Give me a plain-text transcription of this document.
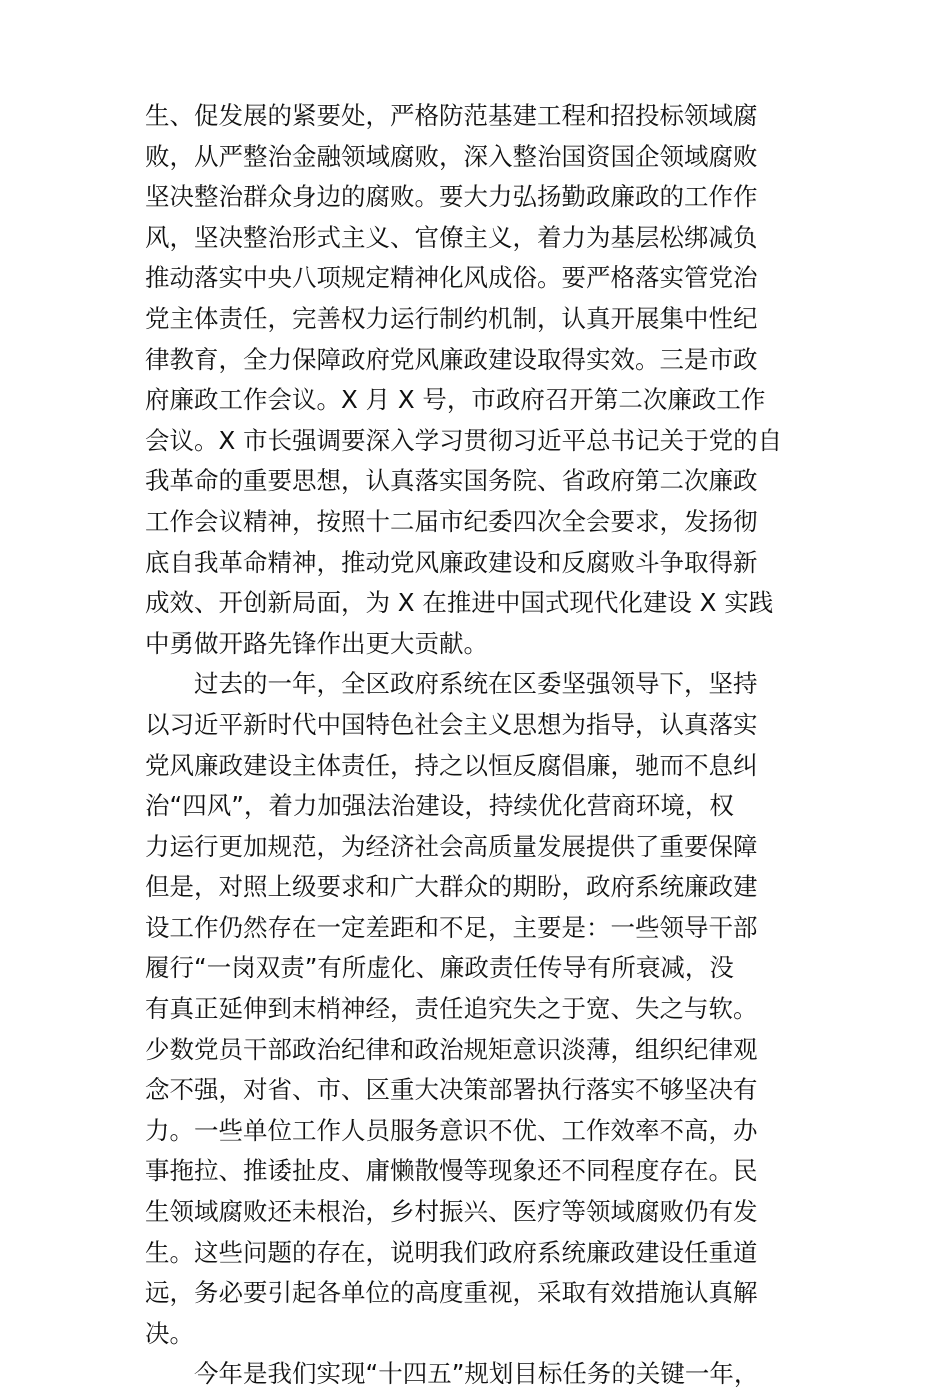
生、促发展的紧要处，严格防范基建工程和招投标领域腐
败，从严整治金融领域腐败，深入整治国资国企领域腐败
坚决整治群众身边的腐败。要大力弘扬勤政廉政的工作作
风，坚决整治形式主义、官僚主义，着力为基层松绑减负
推动落实中央八项规定精神化风成俗。要严格落实管党治
党主体责任，完善权力运行制约机制，认真开展集中性纪
律教育，全力保障政府党风廉政建设取得实效。三是市政
府廉政工作会议。X 月 X 号，市政府召开第二次廉政工作
会议。X 市长强调要深入学习贯彻习近平总书记关于党的自
我革命的重要思想，认真落实国务院、省政府第二次廉政
工作会议精神，按照十二届市纪委四次全会要求，发扬彻
底自我革命精神，推动党风廉政建设和反腐败斗争取得新
成效、开创新局面，为 X 在推进中国式现代化建设 X 实践
中勇做开路先锋作出更大贡献。
过去的一年，全区政府系统在区委坚强领导下，坚持
以习近平新时代中国特色社会主义思想为指导，认真落实
党风廉政建设主体责任，持之以恒反腐倡廉，驰而不息纠
治“四风”，着力加强法治建设，持续优化营商环境，权
力运行更加规范，为经济社会高质量发展提供了重要保障
但是，对照上级要求和广大群众的期盼，政府系统廉政建
设工作仍然存在一定差距和不足，主要是：一些领导干部
履行“一岗双责”有所虚化、廉政责任传导有所衰减，没
有真正延伸到末梢神经，责任追究失之于宽、失之与软。
少数党员干部政治纪律和政治规矩意识淡薄，组织纪律观
念不强，对省、市、区重大决策部署执行落实不够坚决有
力。一些单位工作人员服务意识不优、工作效率不高，办
事拖拉、推诿扯皮、庸懒散慢等现象还不同程度存在。民
生领域腐败还未根治，乡村振兴、医疗等领域腐败仍有发
生。这些问题的存在，说明我们政府系统廉政建设任重道
远，务必要引起各单位的高度重视，采取有效措施认真解
决。
今年是我们实现“十四五”规划目标任务的关键一年，
